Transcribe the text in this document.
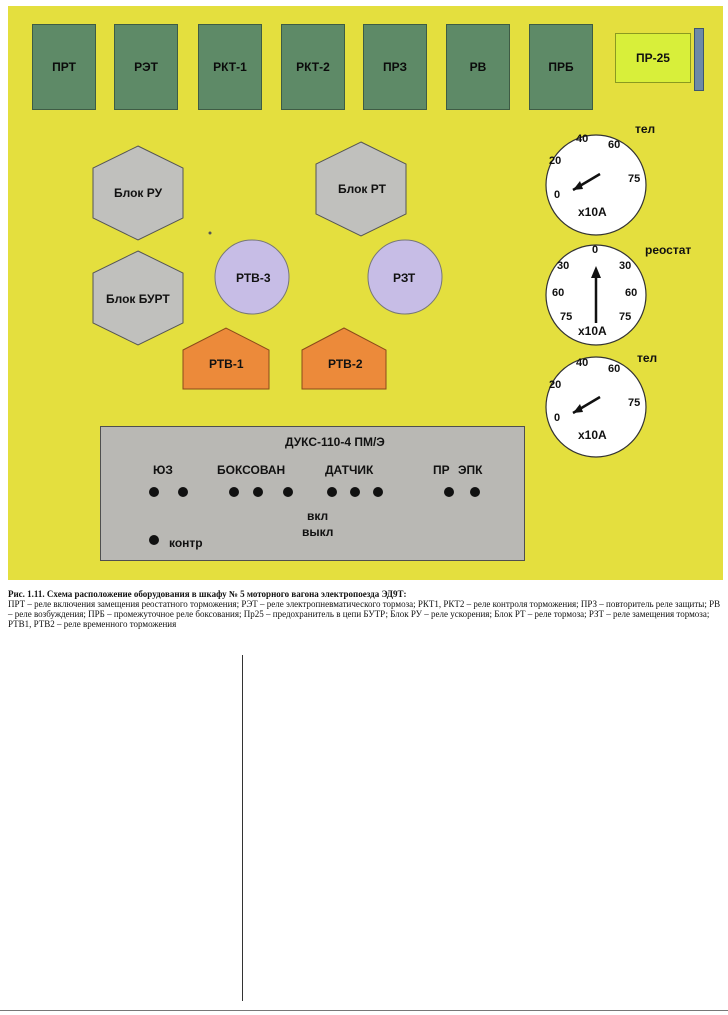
ПРТ	РЭТ	РКТ-1	РКТ-2	ПРЗ	РВ	ПРБ
ПР-25
Блок РУ	Блок РТ
Блок БУРТ
РТВ-3	РЗТ
РТВ-1	РТВ-2
тел
0
20
40 60
75
x10A
реостат
75
60
30
0
30
60
75
x10A
тел
0
20
40 60
75
x10A
ДУКС-110-4 ПМ/Э
ЮЗ	БОКСОВАН	ДАТЧИК	ПР ЭПК
вкл
выкл
контр
Рис. 1.11. Схема расположение оборудования в шкафу № 5 моторного вагона электропоезда ЭД9Т:
ПРТ – реле включения замещения реостатного торможения; РЭТ – реле электропневматического тормоза; РКТ1, РКТ2 – реле контроля торможения; ПРЗ – повторитель реле защиты; РВ – реле возбуждения; ПРБ – промежуточное реле боксования; Пр25 – предохранитель в цепи БУТР; Блок РУ – реле ускорения; Блок РТ – реле тормоза; РЗТ – реле замещения тормоза; РТВ1, РТВ2 – реле временного торможения
